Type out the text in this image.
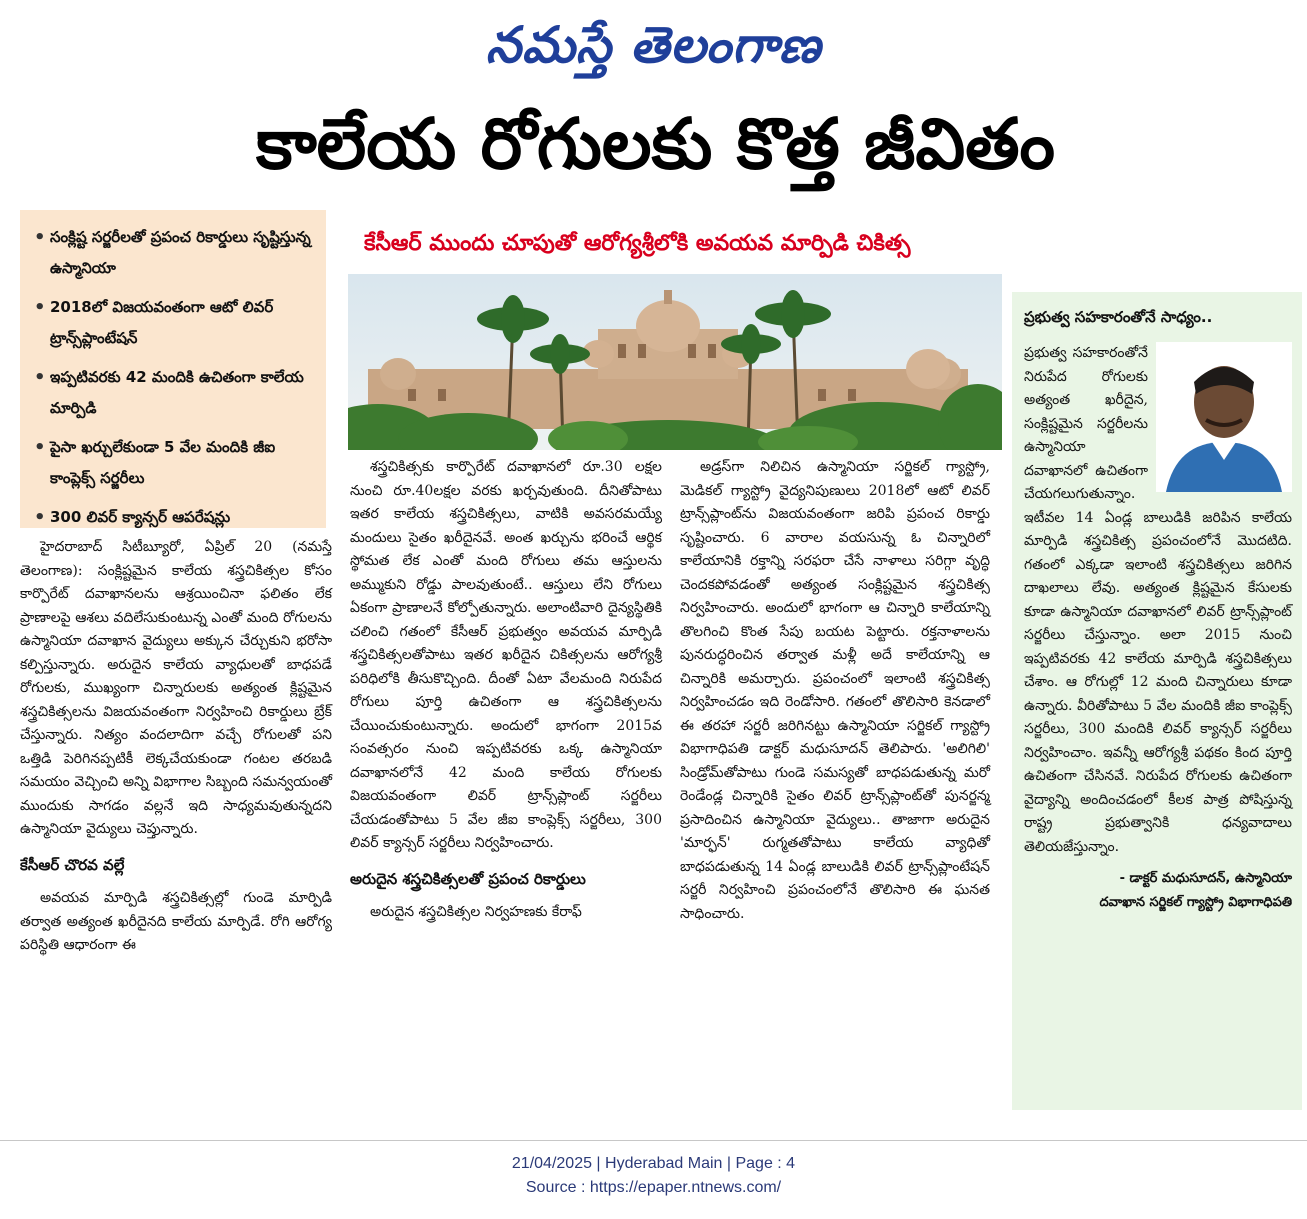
నమస్తే తెలంగాణ
కాలేయ రోగులకు కొత్త జీవితం
• సంక్లిష్ట సర్జరీలతో ప్రపంచ రికార్డులు సృష్టిస్తున్న ఉస్మానియా
• 2018లో విజయవంతంగా ఆటో లివర్ ట్రాన్స్‌ప్లాంటేషన్
• ఇప్పటివరకు 42 మందికి ఉచితంగా కాలేయ మార్పిడి
• పైసా ఖర్చులేకుండా 5 వేల మందికి జీఐ కాంప్లెక్స్ సర్జరీలు
• 300 లివర్ క్యాన్సర్ ఆపరేషన్లు
కేసీఆర్ ముందు చూపుతో ఆరోగ్యశ్రీలోకి అవయవ మార్పిడి చికిత్స

హైదరాబాద్ సిటీబ్యూరో, ఏప్రిల్ 20 (నమస్తే తెలంగాణ): సంక్లిష్టమైన కాలేయ శస్త్రచికిత్సల కోసం కార్పొరేట్ దవాఖానలను ఆశ్రయించినా ఫలితం లేక ప్రాణాలపై ఆశలు వదిలేసుకుంటున్న ఎంతో మంది రోగులను ఉస్మానియా దవాఖాన వైద్యులు అక్కున చేర్చుకుని భరోసా కల్పిస్తున్నారు. అరుదైన కాలేయ వ్యాధులతో బాధపడే రోగులకు, ముఖ్యంగా చిన్నారులకు అత్యంత క్లిష్టమైన శస్త్రచికిత్సలను విజయవంతంగా నిర్వహించి రికార్డులు బ్రేక్ చేస్తున్నారు. నిత్యం వందలాదిగా వచ్చే రోగులతో పని ఒత్తిడి పెరిగినప్పటికీ లెక్కచేయకుండా గంటల తరబడి సమయం వెచ్చించి అన్ని విభాగాల సిబ్బంది సమన్వయంతో ముందుకు సాగడం వల్లనే ఇది సాధ్యమవుతున్నదని ఉస్మానియా వైద్యులు చెప్తున్నారు.

కేసీఆర్ చొరవ వల్లే

అవయవ మార్పిడి శస్త్రచికిత్సల్లో గుండె మార్పిడి తర్వాత అత్యంత ఖరీదైనది కాలేయ మార్పిడే. రోగి ఆరోగ్య పరిస్థితి ఆధారంగా ఈ

శస్త్రచికిత్సకు కార్పొరేట్ దవాఖానలో రూ.30 లక్షల నుంచి రూ.40లక్షల వరకు ఖర్చవుతుంది. దీనితోపాటు ఇతర కాలేయ శస్త్రచికిత్సలు, వాటికి అవసరమయ్యే మందులు సైతం ఖరీదైనవే. అంత ఖర్చును భరించే ఆర్థిక స్థోమత లేక ఎంతో మంది రోగులు తమ ఆస్తులను అమ్ముకుని రోడ్డు పాలవుతుంటే.. ఆస్తులు లేని రోగులు ఏకంగా ప్రాణాలనే కోల్పోతున్నారు. అలాంటివారి దైన్యస్థితికి చలించి గతంలో కేసీఆర్ ప్రభుత్వం అవయవ మార్పిడి శస్త్రచికిత్సలతోపాటు ఇతర ఖరీదైన చికిత్సలను ఆరోగ్యశ్రీ పరిధిలోకి తీసుకొచ్చింది. దీంతో ఏటా వేలమంది నిరుపేద రోగులు పూర్తి ఉచితంగా ఆ శస్త్రచికిత్సలను చేయించుకుంటున్నారు. అందులో భాగంగా 2015వ సంవత్సరం నుంచి ఇప్పటివరకు ఒక్క ఉస్మానియా దవాఖానలోనే 42 మంది కాలేయ రోగులకు విజయవంతంగా లివర్ ట్రాన్స్‌ప్లాంట్ సర్జరీలు చేయడంతోపాటు 5 వేల జీఐ కాంప్లెక్స్ సర్జరీలు, 300 లివర్ క్యాన్సర్ సర్జరీలు నిర్వహించారు.

అరుదైన శస్త్రచికిత్సలతో ప్రపంచ రికార్డులు

అరుదైన శస్త్రచికిత్సల నిర్వహణకు కేరాఫ్

అడ్రస్‌గా నిలిచిన ఉస్మానియా సర్జికల్ గ్యాస్ట్రో, మెడికల్ గ్యాస్ట్రో వైద్యనిపుణులు 2018లో ఆటో లివర్ ట్రాన్స్‌ప్లాంట్‌ను విజయవంతంగా జరిపి ప్రపంచ రికార్డు సృష్టించారు. 6 వారాల వయసున్న ఓ చిన్నారిలో కాలేయానికి రక్తాన్ని సరఫరా చేసే నాళాలు సరిగ్గా వృద్ధి చెందకపోవడంతో అత్యంత సంక్లిష్టమైన శస్త్రచికిత్స నిర్వహించారు. అందులో భాగంగా ఆ చిన్నారి కాలేయాన్ని తొలగించి కొంత సేపు బయట పెట్టారు. రక్తనాళాలను పునరుద్ధరించిన తర్వాత మళ్లీ అదే కాలేయాన్ని ఆ చిన్నారికి అమర్చారు. ప్రపంచంలో ఇలాంటి శస్త్రచికిత్స నిర్వహించడం ఇది రెండోసారి. గతంలో తొలిసారి కెనడాలో ఈ తరహా సర్జరీ జరిగినట్టు ఉస్మానియా సర్జికల్ గ్యాస్ట్రో విభాగాధిపతి డాక్టర్ మధుసూదన్ తెలిపారు. 'అలిగిలి' సిండ్రోమ్‌తోపాటు గుండె సమస్యతో బాధపడుతున్న మరో రెండేండ్ల చిన్నారికి సైతం లివర్ ట్రాన్స్‌ప్లాంట్‌తో పునర్జన్మ ప్రసాదించిన ఉస్మానియా వైద్యులు.. తాజాగా అరుదైన 'మార్ఫన్' రుగ్మతతోపాటు కాలేయ వ్యాధితో బాధపడుతున్న 14 ఏండ్ల బాలుడికి లివర్ ట్రాన్స్‌ప్లాంటేషన్ సర్జరీ నిర్వహించి ప్రపంచంలోనే తొలిసారి ఈ ఘనత సాధించారు.

ప్రభుత్వ సహకారంతోనే సాధ్యం..

ప్రభుత్వ సహకారంతోనే నిరుపేద రోగులకు అత్యంత ఖరీదైన, సంక్లిష్టమైన సర్జరీలను ఉస్మానియా దవాఖానలో ఉచితంగా చేయగలుగుతున్నాం. ఇటీవల 14 ఏండ్ల బాలుడికి జరిపిన కాలేయ మార్పిడి శస్త్రచికిత్స ప్రపంచంలోనే మొదటిది. గతంలో ఎక్కడా ఇలాంటి శస్త్రచికిత్సలు జరిగిన దాఖలాలు లేవు. అత్యంత క్లిష్టమైన కేసులకు కూడా ఉస్మానియా దవాఖానలో లివర్ ట్రాన్స్‌ప్లాంట్ సర్జరీలు చేస్తున్నాం. అలా 2015 నుంచి ఇప్పటివరకు 42 కాలేయ మార్పిడి శస్త్రచికిత్సలు చేశాం. ఆ రోగుల్లో 12 మంది చిన్నారులు కూడా ఉన్నారు. వీరితోపాటు 5 వేల మందికి జీఐ కాంప్లెక్స్ సర్జరీలు, 300 మందికి లివర్ క్యాన్సర్ సర్జరీలు నిర్వహించాం. ఇవన్నీ ఆరోగ్యశ్రీ పథకం కింద పూర్తి ఉచితంగా చేసినవే. నిరుపేద రోగులకు ఉచితంగా వైద్యాన్ని అందించడంలో కీలక పాత్ర పోషిస్తున్న రాష్ట్ర ప్రభుత్వానికి ధన్యవాదాలు తెలియజేస్తున్నాం.

- డాక్టర్ మధుసూదన్, ఉస్మానియా
దవాఖాన సర్జికల్ గ్యాస్ట్రో విభాగాధిపతి

21/04/2025 | Hyderabad Main | Page : 4
Source : https://epaper.ntnews.com/
